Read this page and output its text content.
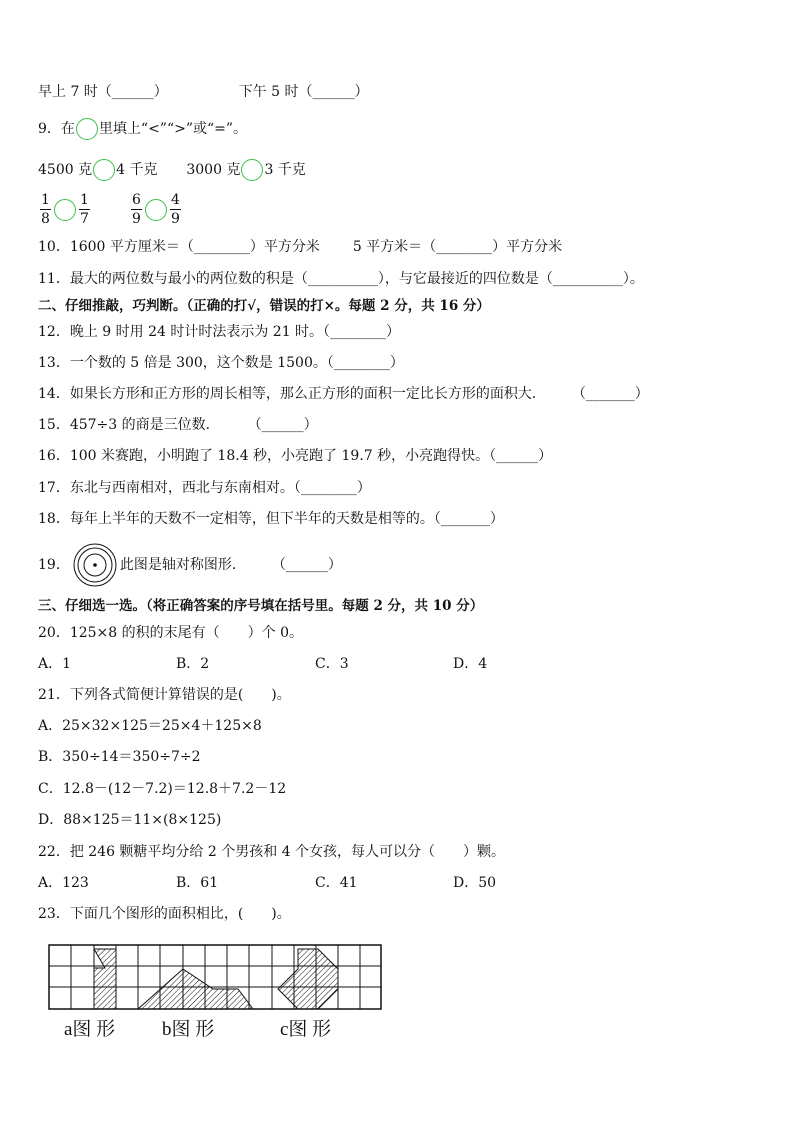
早上 7 时（______）	下午 5 时（______）
9．在 里填上“<”“>”或“=”。
4500 克 4 千克 3000 克 3 千克
$\frac{1}{8} \frac{1}{7}$
	$\frac{6}{9} \frac{4}{9}$
10．1600 平方厘米＝（________）平方分米 5 平方米＝（________）平方分米
11．最大的两位数与最小的两位数的积是（__________），与它最接近的四位数是（__________）。
二、仔细推敲，巧判断。（正确的打√，错误的打×。每题 2 分，共 16 分）
12．晚上 9 时用 24 时计时法表示为 21 时。（________）
13．一个数的 5 倍是 300，这个数是 1500。（________）
14．如果长方形和正方形的周长相等，那么正方形的面积一定比长方形的面积大． （_______）
15．457÷3 的商是三位数． （______）
16．100 米赛跑，小明跑了 18.4 秒，小亮跑了 19.7 秒，小亮跑得快。（______）
17．东北与西南相对，西北与东南相对。（________）
18．每年上半年的天数不一定相等，但下半年的天数是相等的。（_______）
19．	此图是轴对称图形． （______）
三、仔细选一选。（将正确答案的序号填在括号里。每题 2 分，共 10 分）
20．125×8 的积的末尾有（　　）个 0。
A．1	B．2	C．3	D．4
21．下列各式简便计算错误的是(　　)。
A．25×32×125＝25×4＋125×8
B．350÷14＝350÷7÷2
C．12.8－(12－7.2)＝12.8＋7.2－12
D．88×125＝11×(8×125)
22．把 246 颗糖平均分给 2 个男孩和 4 个女孩，每人可以分（　　）颗。
A．123	B．61	C．41	D．50
23．下面几个图形的面积相比，(　　)。
a图 形 b图 形	c图 形
